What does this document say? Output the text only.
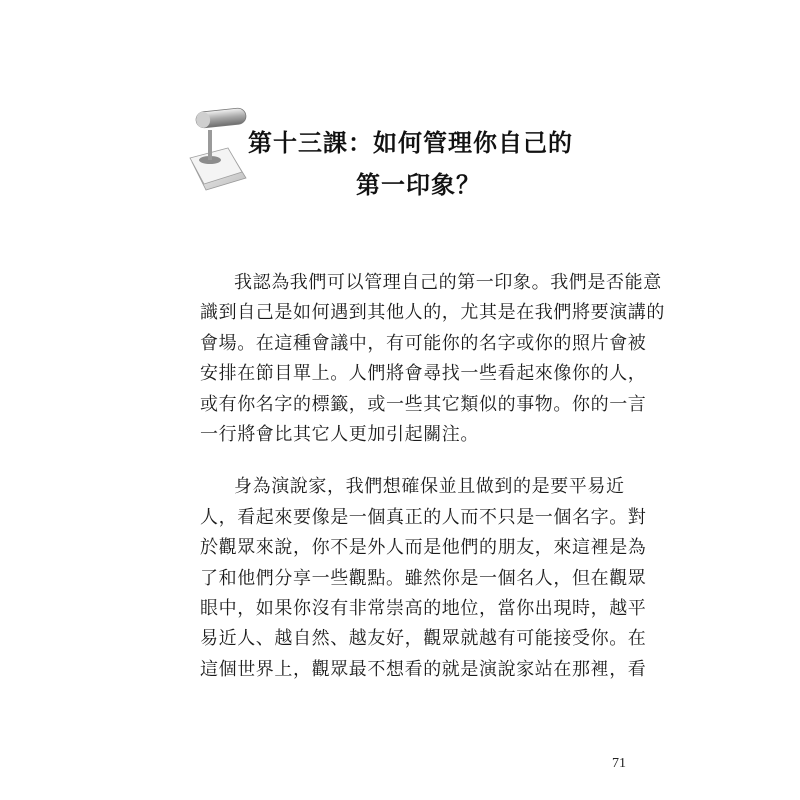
第十三課：如何管理你自己的
第一印象？

我認為我們可以管理自己的第一印象。我們是否能意
識到自己是如何遇到其他人的，尤其是在我們將要演講的
會場。在這種會議中，有可能你的名字或你的照片會被
安排在節目單上。人們將會尋找一些看起來像你的人，
或有你名字的標籤，或一些其它類似的事物。你的一言
一行將會比其它人更加引起關注。

身為演說家，我們想確保並且做到的是要平易近
人，看起來要像是一個真正的人而不只是一個名字。對
於觀眾來說，你不是外人而是他們的朋友，來這裡是為
了和他們分享一些觀點。雖然你是一個名人，但在觀眾
眼中，如果你沒有非常崇高的地位，當你出現時，越平
易近人、越自然、越友好，觀眾就越有可能接受你。在
這個世界上，觀眾最不想看的就是演說家站在那裡，看

71
